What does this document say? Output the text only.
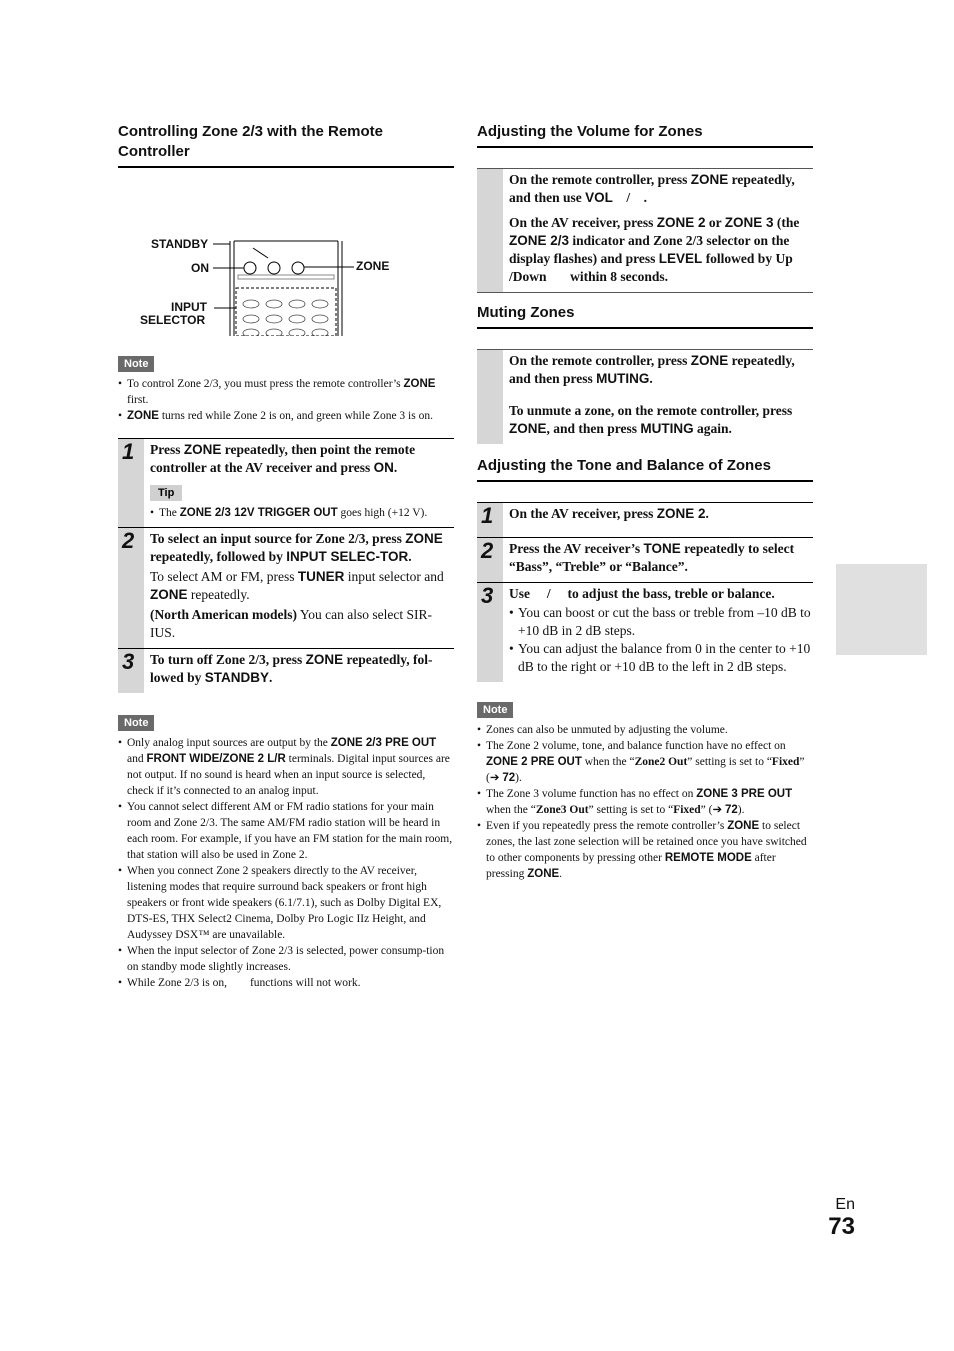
Controlling Zone 2/3 with the Remote Controller
STANDBY
ON	ZONE
INPUT
SELECTOR
Note
• To control Zone 2/3, you must press the remote controller’s ZONE first.
• ZONE turns red while Zone 2 is on, and green while Zone 3 is on.
1 Press ZONE repeatedly, then point the remote controller at the AV receiver and press ON.
Tip
• The ZONE 2/3 12V TRIGGER OUT goes high (+12 V).
2 To select an input source for Zone 2/3, press ZONE repeatedly, followed by INPUT SELEC-TOR.
To select AM or FM, press TUNER input selector and ZONE repeatedly.
(North American models) You can also select SIR-IUS.
3 To turn off Zone 2/3, press ZONE repeatedly, fol-lowed by STANDBY.
Note
• Only analog input sources are output by the ZONE 2/3 PRE OUT and FRONT WIDE/ZONE 2 L/R terminals. Digital input sources are not output. If no sound is heard when an input source is selected, check if it’s connected to an analog input.
• You cannot select different AM or FM radio stations for your main room and Zone 2/3. The same AM/FM radio station will be heard in each room. For example, if you have an FM station for the main room, that station will also be used in Zone 2.
• When you connect Zone 2 speakers directly to the AV receiver, listening modes that require surround back speakers or front high speakers or front wide speakers (6.1/7.1), such as Dolby Digital EX, DTS-ES, THX Select2 Cinema, Dolby Pro Logic IIz Height, and Audyssey DSX™ are unavailable.
• When the input selector of Zone 2/3 is selected, power consump-tion on standby mode slightly increases.
• While Zone 2/3 is on,        functions will not work.
Adjusting the Volume for Zones

On the remote controller, press ZONE repeatedly, and then use VOL    /    .

On the AV receiver, press ZONE 2 or ZONE 3 (the ZONE 2/3 indicator and Zone 2/3 selector on the display flashes) and press LEVEL followed by Up      /Down       within 8 seconds.

Muting Zones

On the remote controller, press ZONE repeatedly, and then press MUTING.

To unmute a zone, on the remote controller, press ZONE, and then press MUTING again.

Adjusting the Tone and Balance of Zones
1 On the AV receiver, press ZONE 2.
2 Press the AV receiver’s TONE repeatedly to select “Bass”, “Treble” or “Balance”.
3 Use     /     to adjust the bass, treble or balance.
• You can boost or cut the bass or treble from –10 dB to +10 dB in 2 dB steps.
• You can adjust the balance from 0 in the center to +10 dB to the right or +10 dB to the left in 2 dB steps.
Note
• Zones can also be unmuted by adjusting the volume.
• The Zone 2 volume, tone, and balance function have no effect on ZONE 2 PRE OUT when the “Zone2 Out” setting is set to “Fixed” (➔ 72).
• The Zone 3 volume function has no effect on ZONE 3 PRE OUT when the “Zone3 Out” setting is set to “Fixed” (➔ 72).
• Even if you repeatedly press the remote controller’s ZONE to select zones, the last zone selection will be retained once you have switched to other components by pressing other REMOTE MODE after pressing ZONE.
En
73
